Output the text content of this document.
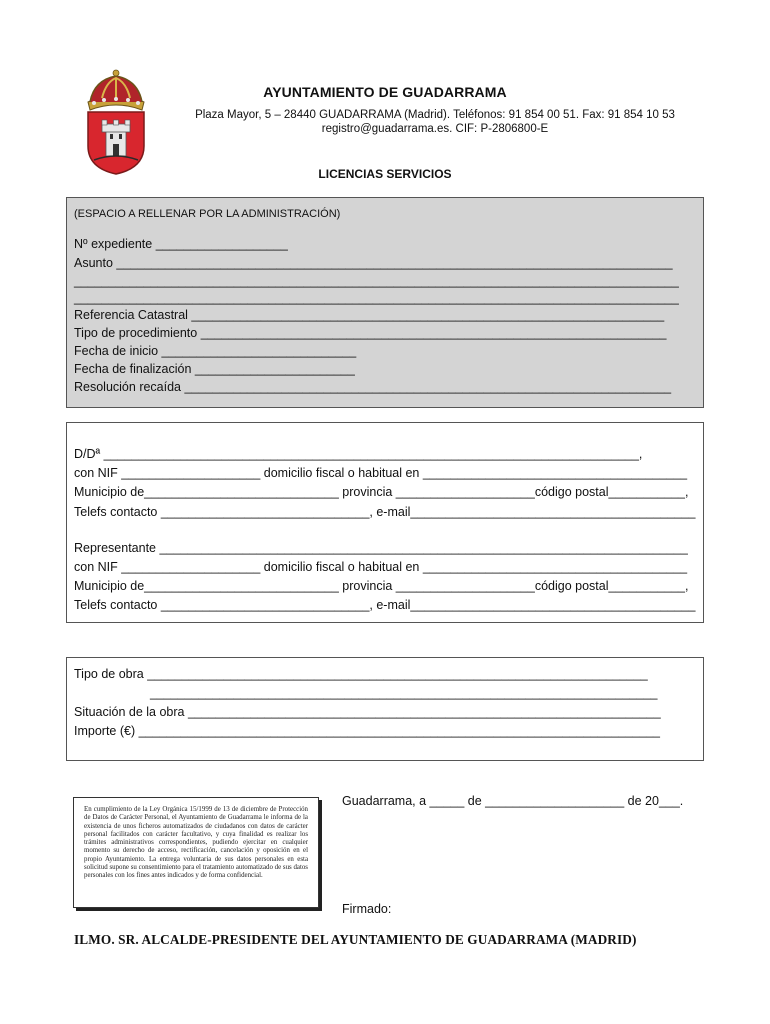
AYUNTAMIENTO DE GUADARRAMA
Plaza Mayor, 5 – 28440 GUADARRAMA (Madrid). Teléfonos: 91 854 00 51. Fax: 91 854 10 53
registro@guadarrama.es. CIF: P-2806800-E
LICENCIAS SERVICIOS
(ESPACIO A RELLENAR POR LA ADMINISTRACIÓN)
Nº expediente ___________________
Asunto ________________________________________________________________________________
_______________________________________________________________________________________
_______________________________________________________________________________________
Referencia Catastral ____________________________________________________________________
Tipo de procedimiento ___________________________________________________________________
Fecha de inicio ____________________________
Fecha de finalización _______________________
Resolución recaída ______________________________________________________________________
D/Dª _____________________________________________________________________________,
con NIF ____________________ domicilio fiscal o habitual en ______________________________________
Municipio de____________________________ provincia ____________________código postal___________,
Telefs contacto ______________________________, e-mail_________________________________________
Representante ____________________________________________________________________________
con NIF ____________________ domicilio fiscal o habitual en ______________________________________
Municipio de____________________________ provincia ____________________código postal___________,
Telefs contacto ______________________________, e-mail_________________________________________
Tipo de obra ________________________________________________________________________
_________________________________________________________________________
Situación de la obra ____________________________________________________________________
Importe (€) ___________________________________________________________________________

En cumplimiento de la Ley Orgánica 15/1999 de 13 de diciembre de Protección de Datos de Carácter Personal, el Ayuntamiento de Guadarrama le informa de la existencia de unos ficheros automatizados de ciudadanos con datos de carácter personal facilitados con carácter facultativo, y cuya finalidad es realizar los trámites administrativos correspondientes, pudiendo ejercitar en cualquier momento su derecho de acceso, rectificación, cancelación y oposición en el propio Ayuntamiento. La entrega voluntaria de sus datos personales en esta solicitud supone su consentimiento para el tratamiento automatizado de sus datos personales con los fines antes indicados y de forma confidencial.

Guadarrama, a _____ de ____________________ de 20___.
Firmado:
ILMO. SR. ALCALDE-PRESIDENTE DEL AYUNTAMIENTO DE GUADARRAMA (MADRID)
